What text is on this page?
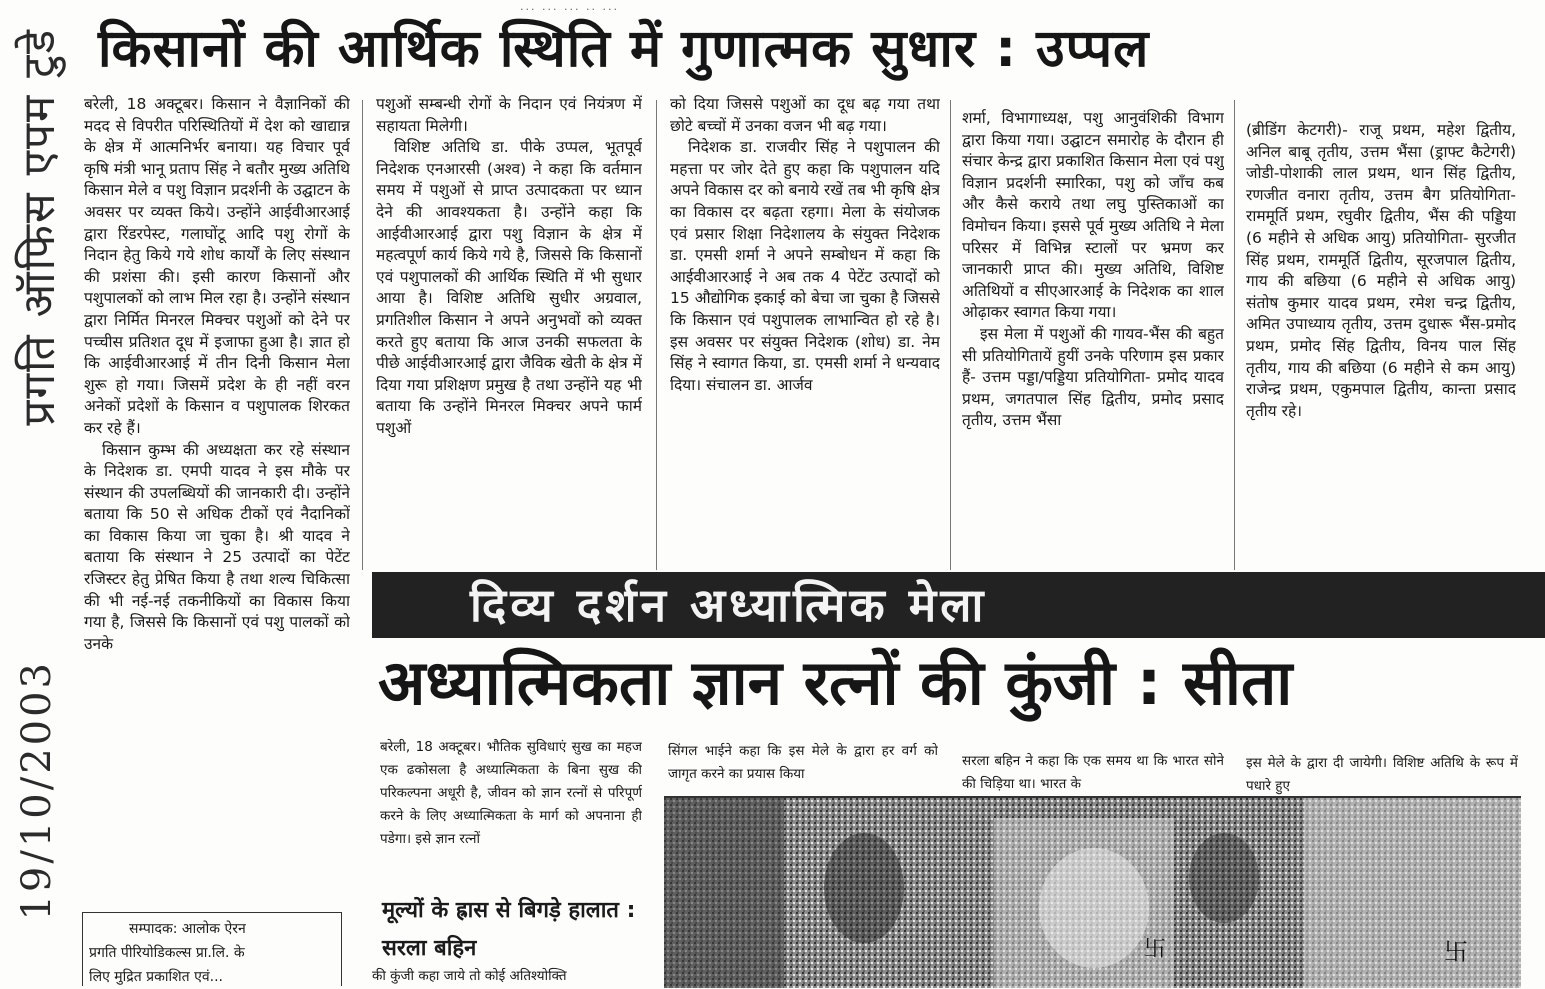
... ... ... .. ...
किसानों की आर्थिक स्थिति में गुणात्मक सुधार : उप्पल
प्रगति ऑफिस एपम टुडे
19/10/2003

बरेली, 18 अक्टूबर। किसान ने वैज्ञानिकों की मदद से विपरीत परिस्थितियों में देश को खाद्यान्न के क्षेत्र में आत्मनिर्भर बनाया। यह विचार पूर्व कृषि मंत्री भानू प्रताप सिंह ने बतौर मुख्य अतिथि किसान मेले व पशु विज्ञान प्रदर्शनी के उद्घाटन के अवसर पर व्यक्त किये। उन्होंने आईवीआरआई द्वारा रिंडरपेस्ट, गलाघोंटू आदि पशु रोगों के निदान हेतु किये गये शोध कार्यों के लिए संस्थान की प्रशंसा की। इसी कारण किसानों और पशुपालकों को लाभ मिल रहा है। उन्होंने संस्थान द्वारा निर्मित मिनरल मिक्चर पशुओं को देने पर पच्चीस प्रतिशत दूध में इजाफा हुआ है। ज्ञात हो कि आईवीआरआई में तीन दिनी किसान मेला शुरू हो गया। जिसमें प्रदेश के ही नहीं वरन अनेकों प्रदेशों के किसान व पशुपालक शिरकत कर रहे हैं।

किसान कुम्भ की अध्यक्षता कर रहे संस्थान के निदेशक डा. एमपी यादव ने इस मौके पर संस्थान की उपलब्धियों की जानकारी दी। उन्होंने बताया कि 50 से अधिक टीकों एवं नैदानिकों का विकास किया जा चुका है। श्री यादव ने बताया कि संस्थान ने 25 उत्पादों का पेटेंट रजिस्टर हेतु प्रेषित किया है तथा शल्य चिकित्सा की भी नई-नई तकनीकियों का विकास किया गया है, जिससे कि किसानों एवं पशु पालकों को उनके

पशुओं सम्बन्धी रोगों के निदान एवं नियंत्रण में सहायता मिलेगी।

विशिष्ट अतिथि डा. पीके उप्पल, भूतपूर्व निदेशक एनआरसी (अश्व) ने कहा कि वर्तमान समय में पशुओं से प्राप्त उत्पादकता पर ध्यान देने की आवश्यकता है। उन्होंने कहा कि आईवीआरआई द्वारा पशु विज्ञान के क्षेत्र में महत्वपूर्ण कार्य किये गये है, जिससे कि किसानों एवं पशुपालकों की आर्थिक स्थिति में भी सुधार आया है। विशिष्ट अतिथि सुधीर अग्रवाल, प्रगतिशील किसान ने अपने अनुभवों को व्यक्त करते हुए बताया कि आज उनकी सफलता के पीछे आईवीआरआई द्वारा जैविक खेती के क्षेत्र में दिया गया प्रशिक्षण प्रमुख है तथा उन्होंने यह भी बताया कि उन्होंने मिनरल मिक्चर अपने फार्म पशुओं

को दिया जिससे पशुओं का दूध बढ़ गया तथा छोटे बच्चों में उनका वजन भी बढ़ गया।

निदेशक डा. राजवीर सिंह ने पशुपालन की महत्ता पर जोर देते हुए कहा कि पशुपालन यदि अपने विकास दर को बनाये रखें तब भी कृषि क्षेत्र का विकास दर बढ़ता रहगा। मेला के संयोजक एवं प्रसार शिक्षा निदेशालय के संयुक्त निदेशक डा. एमसी शर्मा ने अपने सम्बोधन में कहा कि आईवीआरआई ने अब तक 4 पेटेंट उत्पादों को 15 औद्योगिक इकाई को बेचा जा चुका है जिससे कि किसान एवं पशुपालक लाभान्वित हो रहे है। इस अवसर पर संयुक्त निदेशक (शोध) डा. नेम सिंह ने स्वागत किया, डा. एमसी शर्मा ने धन्यवाद दिया। संचालन डा. आर्जव

शर्मा, विभागाध्यक्ष, पशु आनुवंशिकी विभाग द्वारा किया गया। उद्घाटन समारोह के दौरान ही संचार केन्द्र द्वारा प्रकाशित किसान मेला एवं पशु विज्ञान प्रदर्शनी स्मारिका, पशु को जाँच कब और कैसे कराये तथा लघु पुस्तिकाओं का विमोचन किया। इससे पूर्व मुख्य अतिथि ने मेला परिसर में विभिन्न स्टालों पर भ्रमण कर जानकारी प्राप्त की। मुख्य अतिथि, विशिष्ट अतिथियों व सीएआरआई के निदेशक का शाल ओढ़ाकर स्वागत किया गया।

इस मेला में पशुओं की गायव-भैंस की बहुत सी प्रतियोगितायें हुयीं उनके परिणाम इस प्रकार हैं- उत्तम पड्डा/पड्डिया प्रतियोगिता- प्रमोद यादव प्रथम, जगतपाल सिंह द्वितीय, प्रमोद प्रसाद तृतीय, उत्तम भैंसा

(ब्रीडिंग केटगरी)- राजू प्रथम, महेश द्वितीय, अनिल बाबू तृतीय, उत्तम भैंसा (ड्राफ्ट कैटेगरी) जोडी-पोशाकी लाल प्रथम, थान सिंह द्वितीय, रणजीत वनारा तृतीय, उत्तम बैग प्रतियोगिता- राममूर्ति प्रथम, रघुवीर द्वितीय, भैंस की पड्डिया (6 महीने से अधिक आयु) प्रतियोगिता- सुरजीत सिंह प्रथम, राममूर्ति द्वितीय, सूरजपाल द्वितीय, गाय की बछिया (6 महीने से अधिक आयु) संतोष कुमार यादव प्रथम, रमेश चन्द्र द्वितीय, अमित उपाध्याय तृतीय, उत्तम दुधारू भैंस-प्रमोद प्रथम, प्रमोद सिंह द्वितीय, विनय पाल सिंह तृतीय, गाय की बछिया (6 महीने से कम आयु) राजेन्द्र प्रथम, एकुमपाल द्वितीय, कान्ता प्रसाद तृतीय रहे।

दिव्य दर्शन अध्यात्मिक मेला
अध्यात्मिकता ज्ञान रत्नों की कुंजी : सीता

बरेली, 18 अक्टूबर। भौतिक सुविधाएं सुख का महज एक ढकोसला है अध्यात्मिकता के बिना सुख की परिकल्पना अधूरी है, जीवन को ज्ञान रत्नों से परिपूर्ण करने के लिए अध्यात्मिकता के मार्ग को अपनाना ही पडेगा। इसे ज्ञान रत्नों

सिंगल भाईने कहा कि इस मेले के द्वारा हर वर्ग को जागृत करने का प्रयास किया

सरला बहिन ने कहा कि एक समय था कि भारत सोने की चिड़िया था। भारत के

इस मेले के द्वारा दी जायेगी। विशिष्ट अतिथि के रूप में पधारे हुए

मूल्यों के ह्रास से बिगड़े हालात : सरला बहिन
की कुंजी कहा जाये तो कोई अतिश्योक्ति
सम्पादक: आलोक ऐरन
प्रगति पीरियोडिकल्स प्रा.लि. के
लिए मुद्रित प्रकाशित एवं...
卐	卐
